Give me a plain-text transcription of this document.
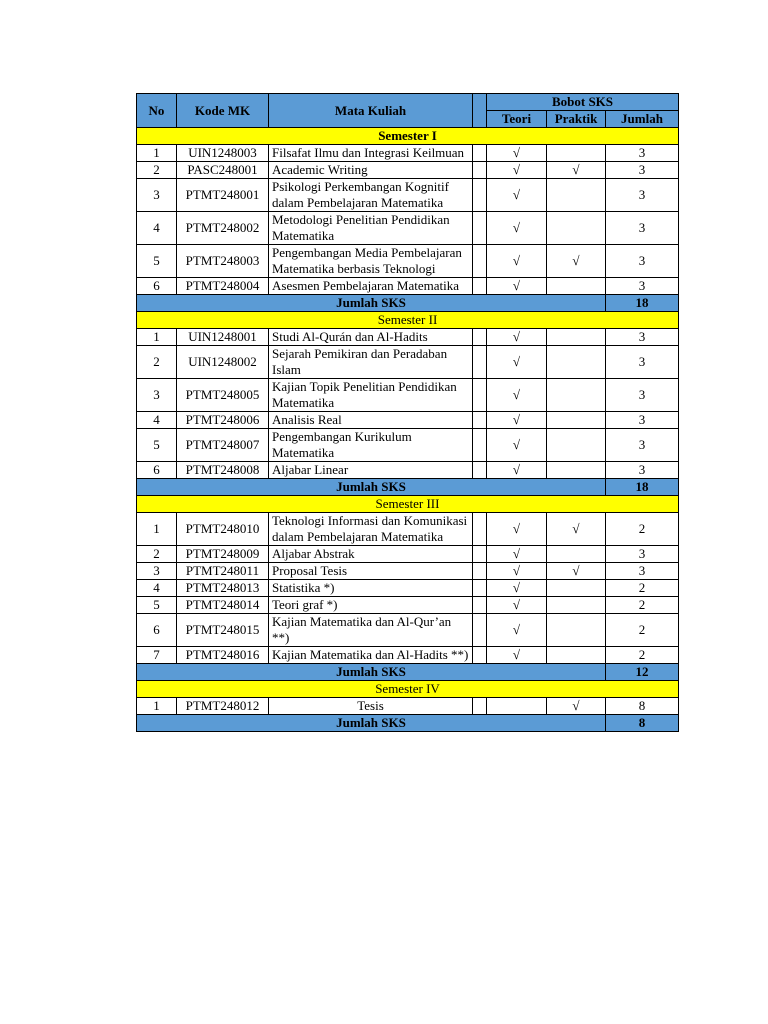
No	Kode MK	Mata Kuliah		Bobot SKS		
				Teori	Praktik	Jumlah
Semester I						
1	UIN1248003	Filsafat Ilmu dan Integrasi Keilmuan		√		3
2	PASC248001	Academic Writing		√	√	3
3	PTMT248001	Psikologi Perkembangan Kognitif dalam Pembelajaran Matematika		√		3
4	PTMT248002	Metodologi Penelitian Pendidikan Matematika		√		3
5	PTMT248003	Pengembangan Media Pembelajaran Matematika berbasis Teknologi		√	√	3
6	PTMT248004	Asesmen Pembelajaran Matematika		√		3
Jumlah SKS						18
Semester II						
1	UIN1248001	Studi Al-Qurán dan Al-Hadits		√		3
2	UIN1248002	Sejarah Pemikiran dan Peradaban Islam		√		3
3	PTMT248005	Kajian Topik Penelitian Pendidikan Matematika		√		3
4	PTMT248006	Analisis Real		√		3
5	PTMT248007	Pengembangan Kurikulum Matematika		√		3
6	PTMT248008	Aljabar Linear		√		3
Jumlah SKS						18
Semester III						
1	PTMT248010	Teknologi Informasi dan Komunikasi dalam Pembelajaran Matematika		√	√	2
2	PTMT248009	Aljabar Abstrak		√		3
3	PTMT248011	Proposal Tesis		√	√	3
4	PTMT248013	Statistika *)		√		2
5	PTMT248014	Teori graf *)		√		2
6	PTMT248015	Kajian Matematika dan Al-Qur’an **)		√		2
7	PTMT248016	Kajian Matematika dan Al-Hadits **)		√		2
Jumlah SKS						12
Semester IV						
1	PTMT248012	Tesis			√	8
Jumlah SKS						8
